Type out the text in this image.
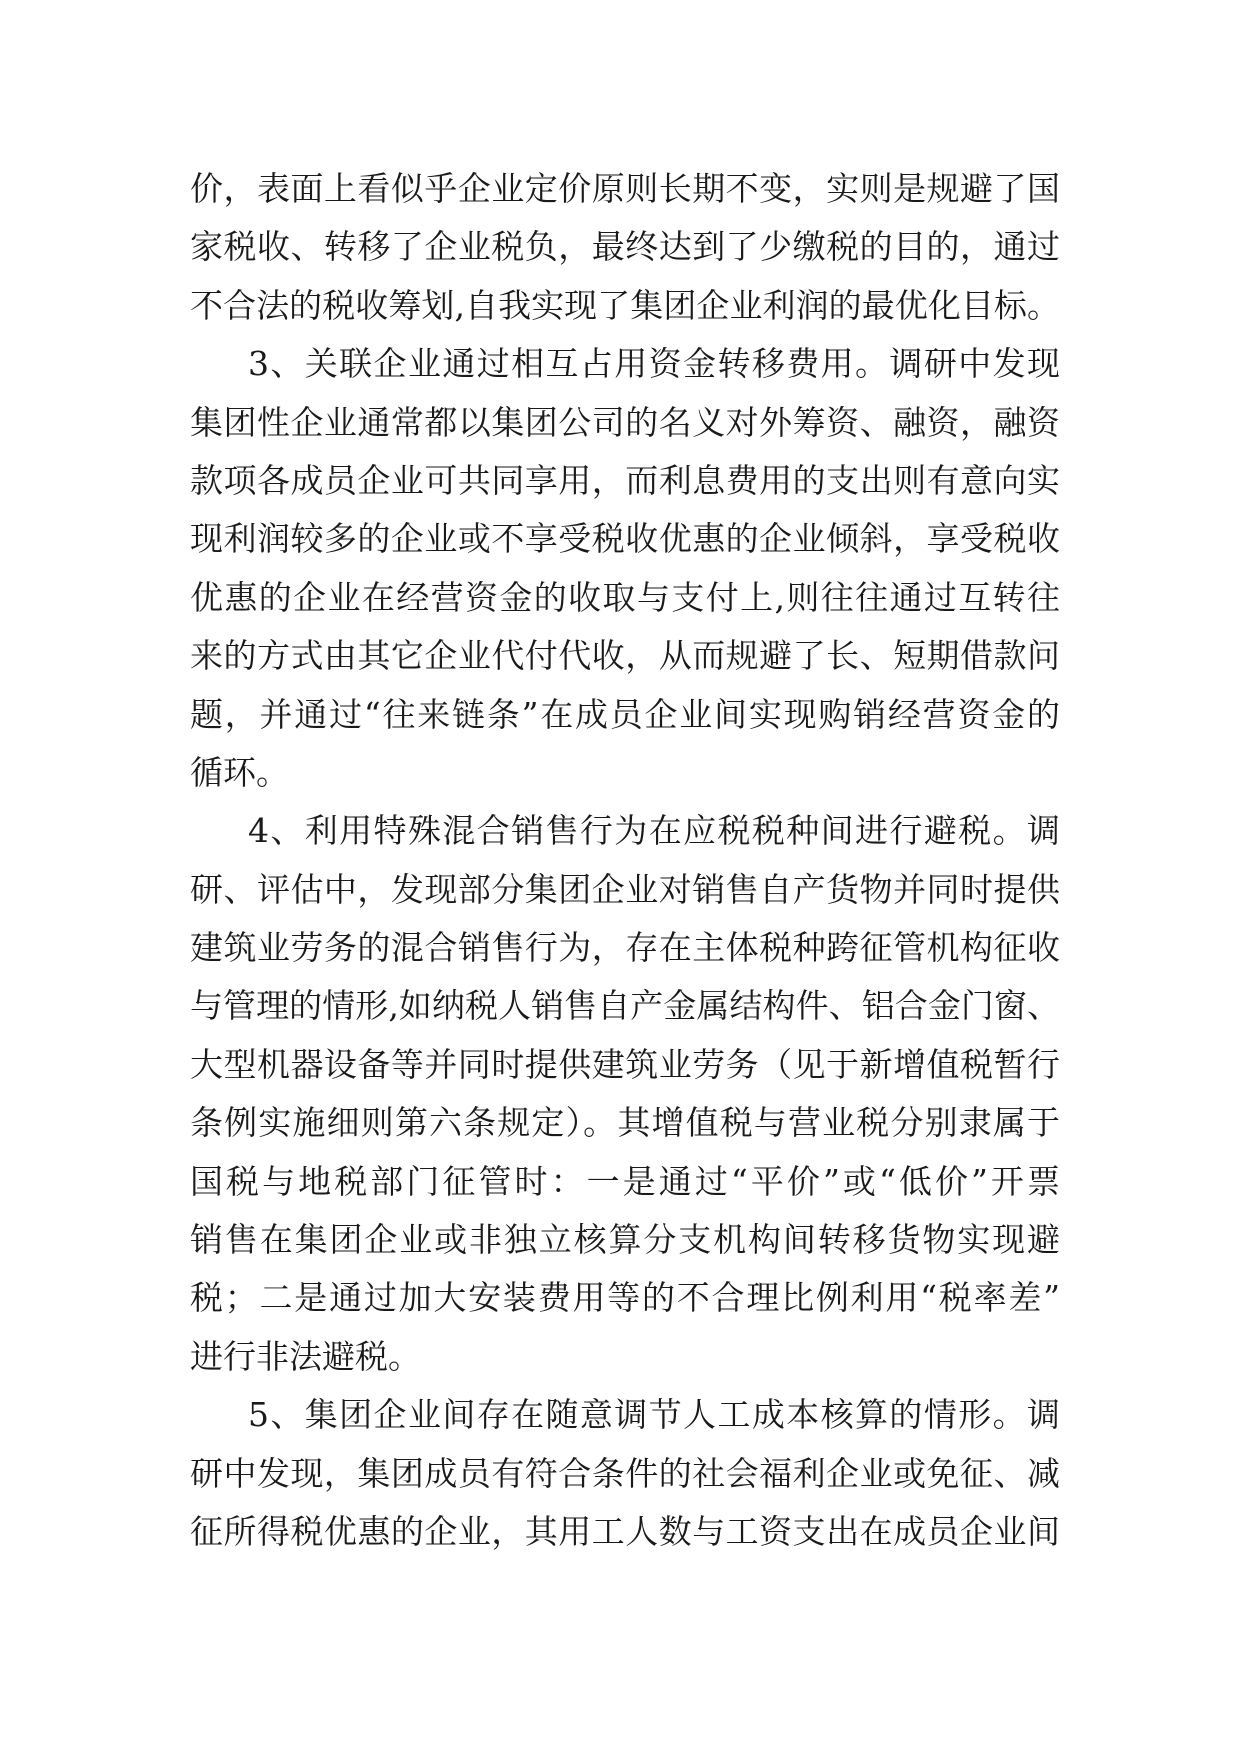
价，表面上看似乎企业定价原则长期不变，实则是规避了国
家税收、转移了企业税负，最终达到了少缴税的目的，通过
不合法的税收筹划,自我实现了集团企业利润的最优化目标。
3、关联企业通过相互占用资金转移费用。调研中发现
集团性企业通常都以集团公司的名义对外筹资、融资，融资
款项各成员企业可共同享用，而利息费用的支出则有意向实
现利润较多的企业或不享受税收优惠的企业倾斜，享受税收
优惠的企业在经营资金的收取与支付上,则往往通过互转往
来的方式由其它企业代付代收，从而规避了长、短期借款问
题，并通过“往来链条”在成员企业间实现购销经营资金的
循环。
4、利用特殊混合销售行为在应税税种间进行避税。调
研、评估中，发现部分集团企业对销售自产货物并同时提供
建筑业劳务的混合销售行为，存在主体税种跨征管机构征收
与管理的情形,如纳税人销售自产金属结构件、铝合金门窗、
大型机器设备等并同时提供建筑业劳务（见于新增值税暂行
条例实施细则第六条规定）。其增值税与营业税分别隶属于
国税与地税部门征管时：一是通过“平价”或“低价”开票
销售在集团企业或非独立核算分支机构间转移货物实现避
税；二是通过加大安装费用等的不合理比例利用“税率差”
进行非法避税。
5、集团企业间存在随意调节人工成本核算的情形。调
研中发现，集团成员有符合条件的社会福利企业或免征、减
征所得税优惠的企业，其用工人数与工资支出在成员企业间
